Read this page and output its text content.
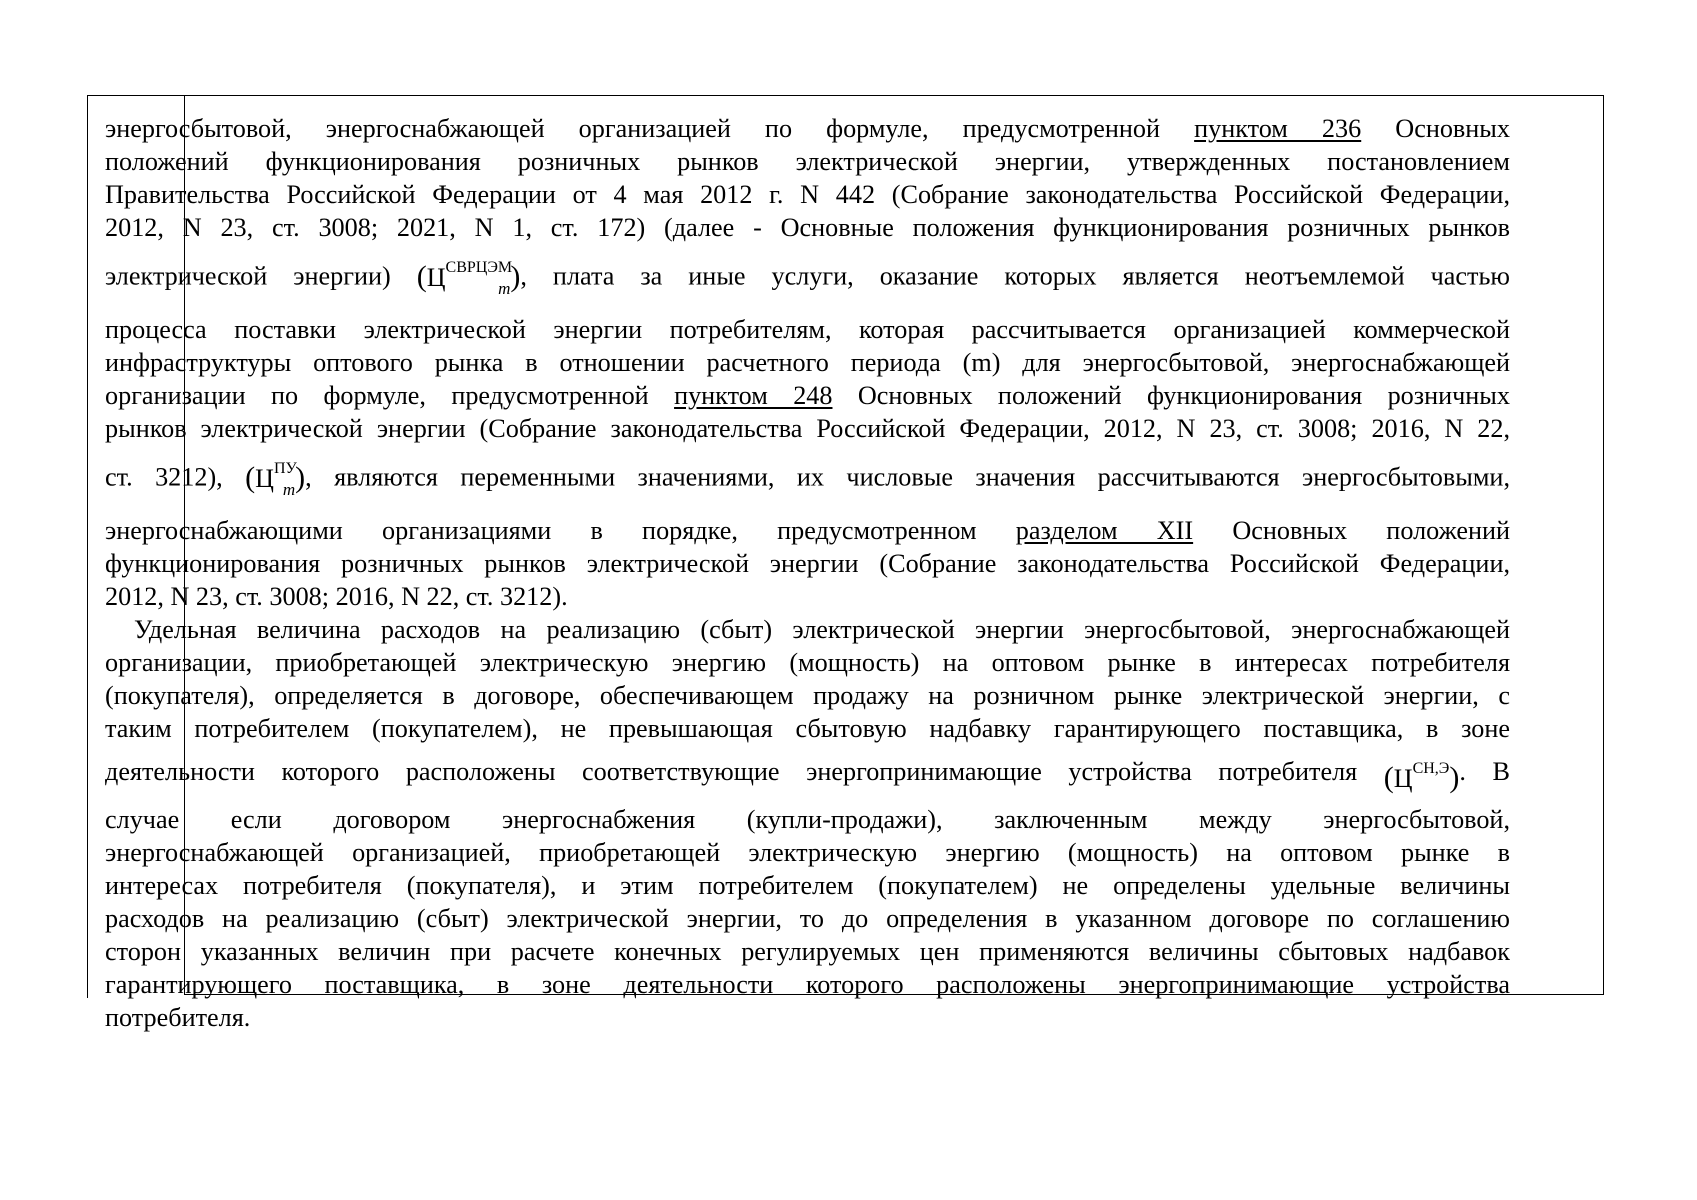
энергосбытовой, энергоснабжающей организацией по формуле, предусмотренной пунктом 236 Основных
положений функционирования розничных рынков электрической энергии, утвержденных постановлением
Правительства Российской Федерации от 4 мая 2012 г. N 442 (Собрание законодательства Российской Федерации,
2012, N 23, ст. 3008; 2021, N 1, ст. 172) (далее - Основные положения функционирования розничных рынков
электрической энергии) $(Ц^{СВРЦЭМ}_m)$, плата за иные услуги, оказание которых является неотъемлемой частью
процесса поставки электрической энергии потребителям, которая рассчитывается организацией коммерческой
инфраструктуры оптового рынка в отношении расчетного периода (m) для энергосбытовой, энергоснабжающей
организации по формуле, предусмотренной пунктом 248 Основных положений функционирования розничных
рынков электрической энергии (Собрание законодательства Российской Федерации, 2012, N 23, ст. 3008; 2016, N 22,
ст. 3212), $(Ц^{ПУ}_m)$, являются переменными значениями, их числовые значения рассчитываются энергосбытовыми,
энергоснабжающими организациями в порядке, предусмотренном разделом XII Основных положений
функционирования розничных рынков электрической энергии (Собрание законодательства Российской Федерации,
2012, N 23, ст. 3008; 2016, N 22, ст. 3212).
Удельная величина расходов на реализацию (сбыт) электрической энергии энергосбытовой, энергоснабжающей
организации, приобретающей электрическую энергию (мощность) на оптовом рынке в интересах потребителя
(покупателя), определяется в договоре, обеспечивающем продажу на розничном рынке электрической энергии, с
таким потребителем (покупателем), не превышающая сбытовую надбавку гарантирующего поставщика, в зоне
деятельности которого расположены соответствующие энергопринимающие устройства потребителя $(Ц^{СН,Э})$. В
случае если договором энергоснабжения (купли-продажи), заключенным между энергосбытовой,
энергоснабжающей организацией, приобретающей электрическую энергию (мощность) на оптовом рынке в
интересах потребителя (покупателя), и этим потребителем (покупателем) не определены удельные величины
расходов на реализацию (сбыт) электрической энергии, то до определения в указанном договоре по соглашению
сторон указанных величин при расчете конечных регулируемых цен применяются величины сбытовых надбавок
гарантирующего поставщика, в зоне деятельности которого расположены энергопринимающие устройства
потребителя.
